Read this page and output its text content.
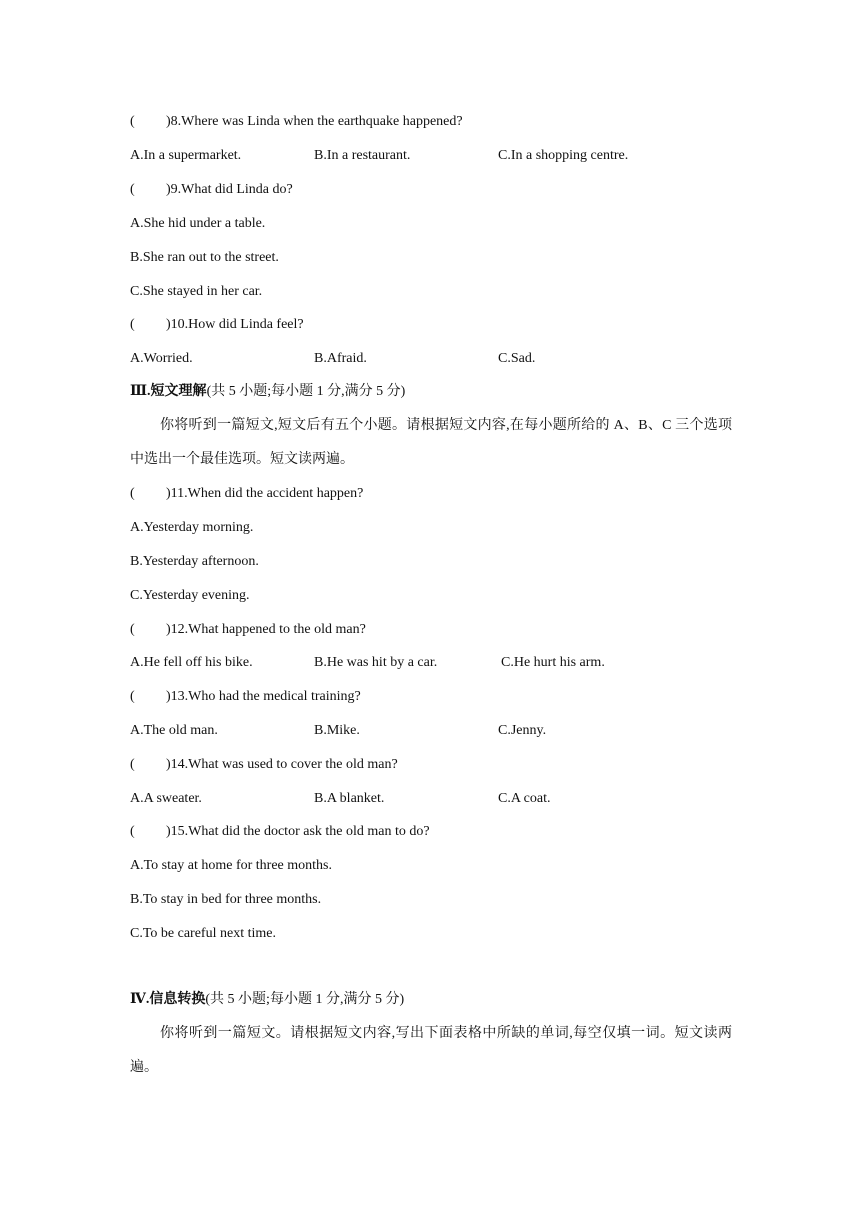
( )8.Where was Linda when the earthquake happened?
A.In a supermarket.	B.In a restaurant.	C.In a shopping centre.
( )9.What did Linda do?
A.She hid under a table.
B.She ran out to the street.
C.She stayed in her car.
( )10.How did Linda feel?
A.Worried.	B.Afraid.	C.Sad.
Ⅲ.短文理解(共 5 小题;每小题 1 分,满分 5 分)
你将听到一篇短文,短文后有五个小题。请根据短文内容,在每小题所给的 A、B、C 三个选项中选出一个最佳选项。短文读两遍。
( )11.When did the accident happen?
A.Yesterday morning.
B.Yesterday afternoon.
C.Yesterday evening.
( )12.What happened to the old man?
A.He fell off his bike.	B.He was hit by a car.	C.He hurt his arm.
( )13.Who had the medical training?
A.The old man.	B.Mike.	C.Jenny.
( )14.What was used to cover the old man?
A.A sweater.	B.A blanket.	C.A coat.
( )15.What did the doctor ask the old man to do?
A.To stay at home for three months.
B.To stay in bed for three months.
C.To be careful next time.
Ⅳ.信息转换(共 5 小题;每小题 1 分,满分 5 分)
你将听到一篇短文。请根据短文内容,写出下面表格中所缺的单词,每空仅填一词。短文读两遍。
